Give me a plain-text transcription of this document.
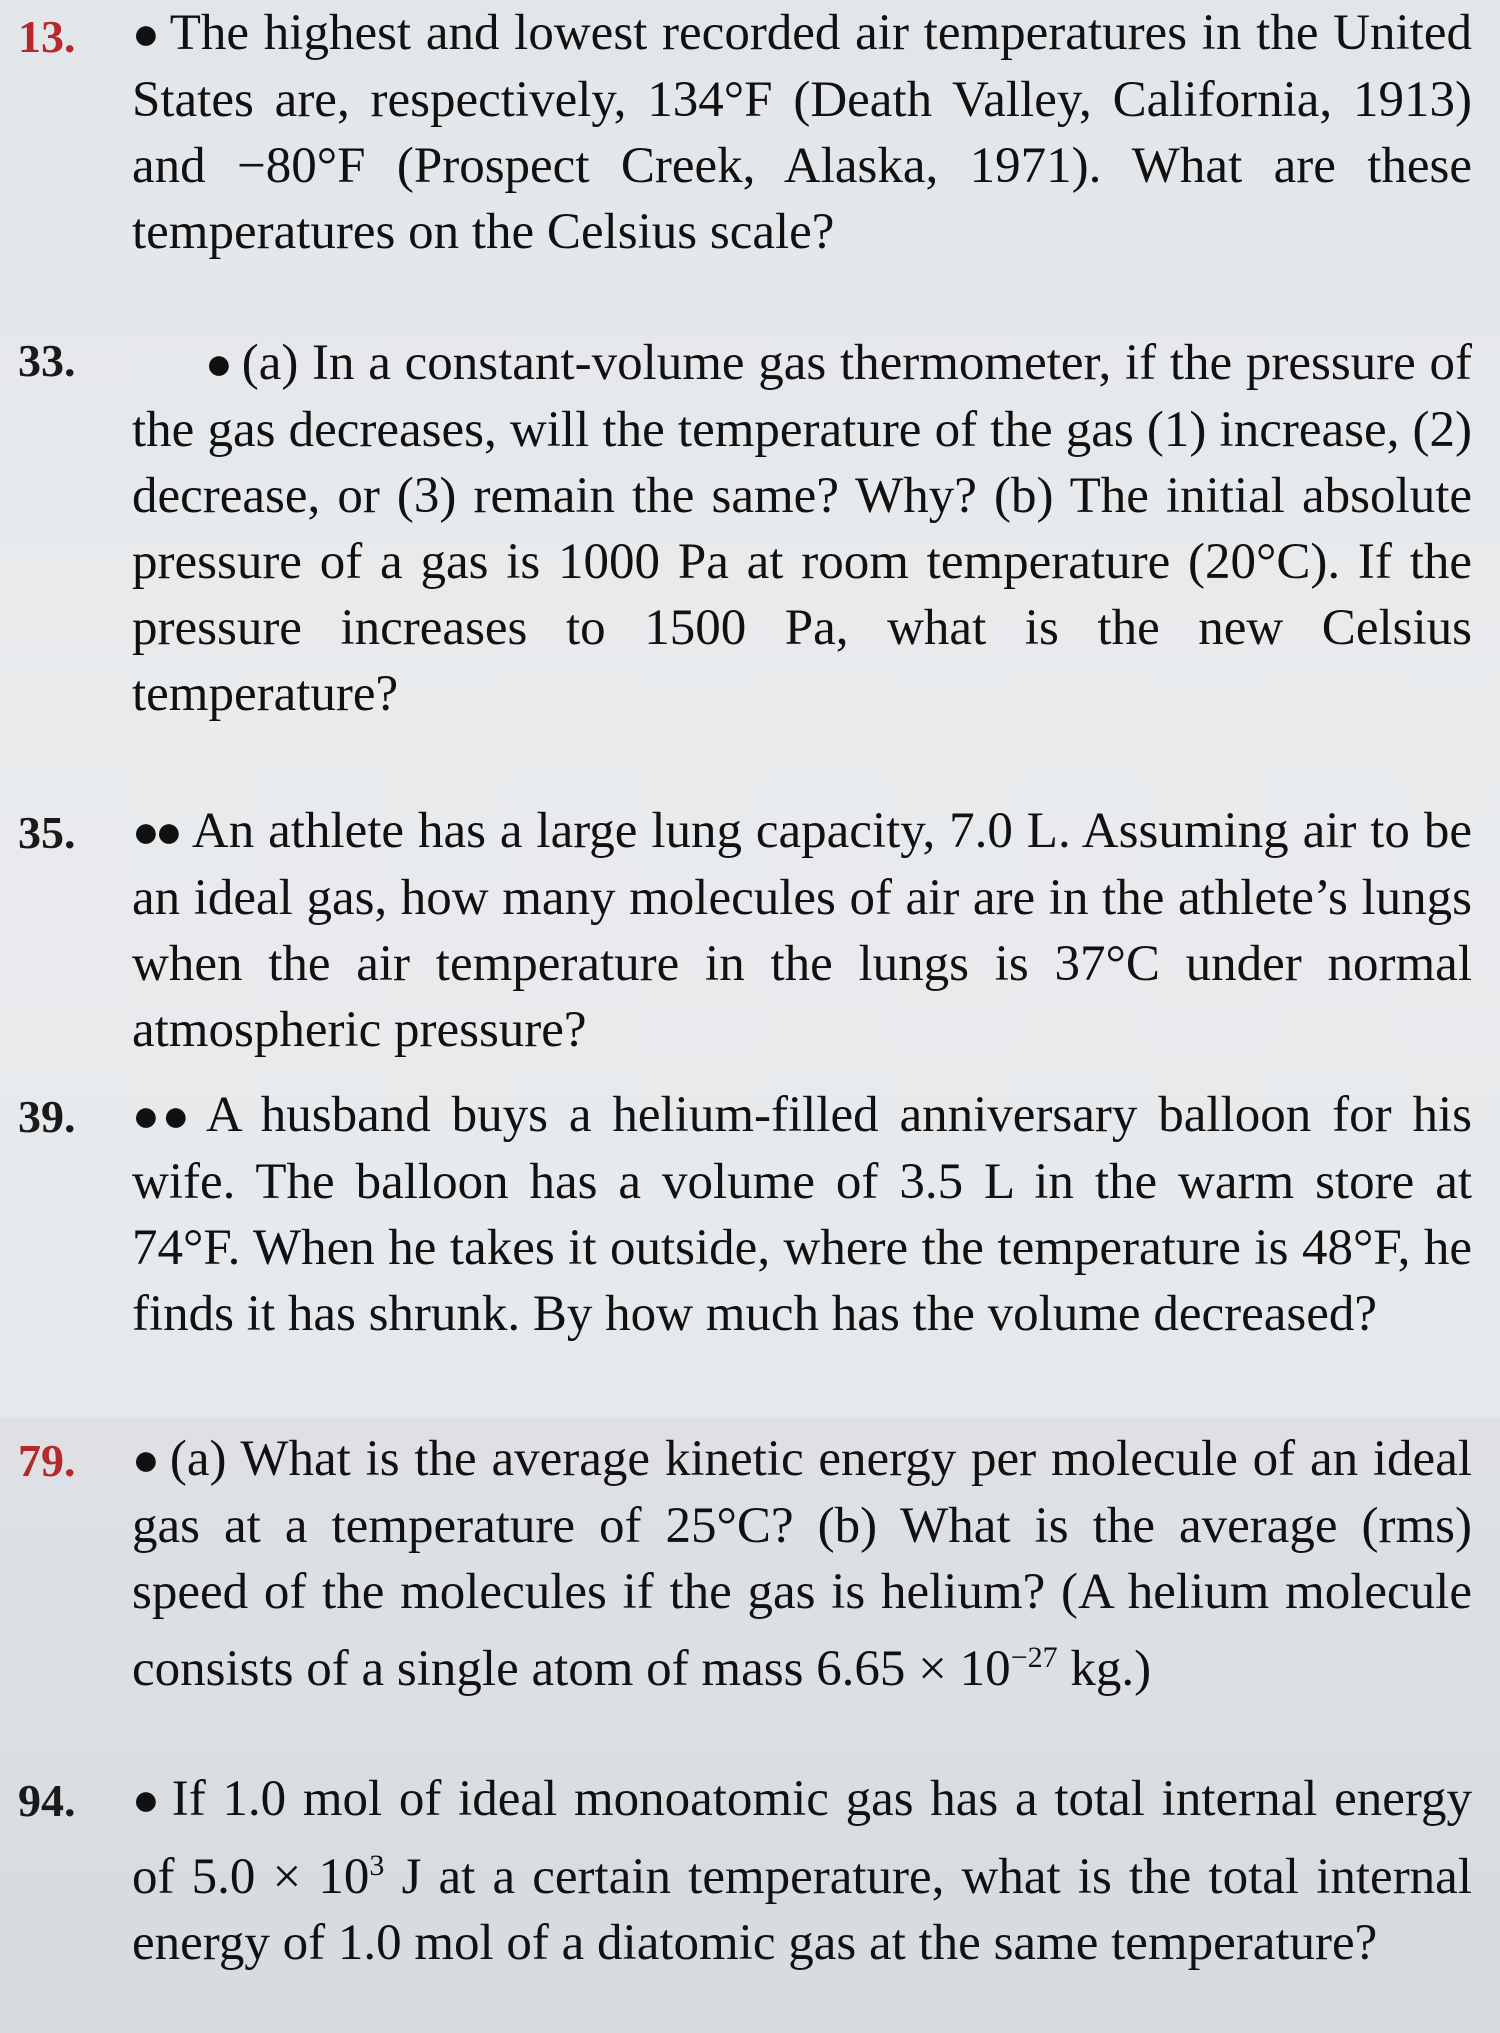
13. ● The highest and lowest recorded air temperatures in the United States are, respectively, 134°F (Death Valley, California, 1913) and −80°F (Prospect Creek, Alaska, 1971). What are these temperatures on the Celsius scale?
33.	● (a) In a constant-volume gas thermometer, if the pressure of the gas decreases, will the temperature of the gas (1) increase, (2) decrease, or (3) remain the same? Why? (b) The initial absolute pressure of a gas is 1000 Pa at room temperature (20°C). If the pressure increases to 1500 Pa, what is the new Celsius temperature?
35. ●● An athlete has a large lung capacity, 7.0 L. Assuming air to be an ideal gas, how many molecules of air are in the athlete’s lungs when the air temperature in the lungs is 37°C under normal atmospheric pressure?
39. ●● A husband buys a helium-filled anniversary balloon for his wife. The balloon has a volume of 3.5 L in the warm store at 74°F. When he takes it outside, where the temperature is 48°F, he finds it has shrunk. By how much has the volume decreased?
79. ● (a) What is the average kinetic energy per molecule of an ideal gas at a temperature of 25°C? (b) What is the average (rms) speed of the molecules if the gas is helium? (A helium molecule consists of a single atom of mass $6.65 \times 10^{-27}$ kg.)
94. ● If 1.0 mol of ideal monoatomic gas has a total internal energy of $5.0 \times 10^3$ J at a certain temperature, what is the total internal energy of 1.0 mol of a diatomic gas at the same temperature?
